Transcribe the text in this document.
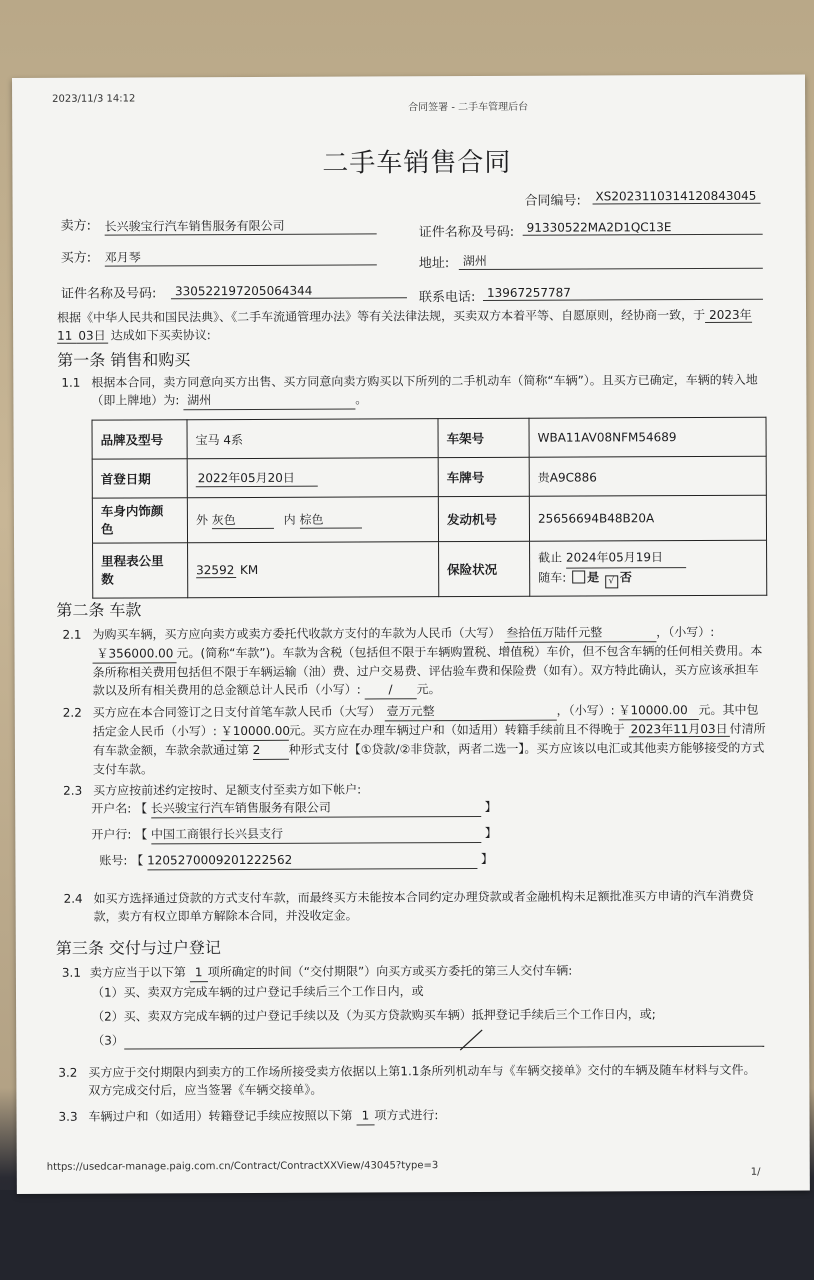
2023/11/3 14:12
合同签署 - 二手车管理后台
二手车销售合同
合同编号: XS2023110314120843045
卖方: 长兴骏宝行汽车销售服务有限公司	证件名称及号码:	91330522MA2D1QC13E
买方: 邓月琴	地址:	湖州
证件名称及号码:	330522197205064344	联系电话: 13967257787
根据《中华人民共和国民法典》、《二手车流通管理办法》等有关法律法规，买卖双方本着平等、自愿原则，经协商一致，于 2023年11 03日 达成如下买卖协议:
第一条 销售和购买
1.1 根据本合同，卖方同意向买方出售、买方同意向卖方购买以下所列的二手机动车（简称“车辆”）。且买方已确定，车辆的转入地
（即上牌地）为: 湖州	。
品牌及型号	宝马 4系	车架号	WBA11AV08NFM54689
首登日期	2022年05月20日	车牌号	贵A9C886
车身内饰颜
色	外 灰色 内 棕色	发动机号	25656694B48B20A
里程表公里
数	32592 KM	保险状况	截止 2024年05月19日
随车: 是 √ 否
第二条 车款
2.1 为购买车辆，买方应向卖方或卖方委托代收款方支付的车款为人民币（大写） 叁拾伍万陆仟元整	，（小写）: ￥356000.00 元。(简称“车款”)。车款为含税（包括但不限于车辆购置税、增值税）车价，但不包含车辆的任何相关费用。本条所称相关费用包括但不限于车辆运输（油）费、过户交易费、评估验车费和保险费（如有）。双方特此确认，买方应该承担车款以及所有相关费用的总金额总计人民币（小写）: / 元。
2.2 买方应在本合同签订之日支付首笔车款人民币（大写） 壹万元整	，（小写）: ￥10000.00 元。其中包括定金人民币（小写）: ￥10000.00元。买方应在办理车辆过户和（如适用）转籍手续前且不得晚于 2023年11月03日 付清所有车款金额，车款余款通过第 2 种形式支付【①贷款/②非贷款，两者二选一】。买方应该以电汇或其他卖方能够接受的方式支付车款。
2.3 买方应按前述约定按时、足额支付至卖方如下帐户:
开户名: 【 长兴骏宝行汽车销售服务有限公司	】
开户行: 【 中国工商银行长兴县支行	】
账号: 【 1205270009201222562	】
2.4 如买方选择通过贷款的方式支付车款，而最终买方未能按本合同约定办理贷款或者金融机构未足额批准买方申请的汽车消费贷款，卖方有权立即单方解除本合同，并没收定金。
第三条 交付与过户登记
3.1 卖方应当于以下第 1 项所确定的时间（“交付期限”）向买方或买方委托的第三人交付车辆:
（1）买、卖双方完成车辆的过户登记手续后三个工作日内，或
（2）买、卖双方完成车辆的过户登记手续以及（为买方贷款购买车辆）抵押登记手续后三个工作日内，或;
（3）
3.2 买方应于交付期限内到卖方的工作场所接受卖方依据以上第1.1条所列机动车与《车辆交接单》交付的车辆及随车材料与文件。双方完成交付后，应当签署《车辆交接单》。
3.3 车辆过户和（如适用）转籍登记手续应按照以下第 1 项方式进行:
https://usedcar-manage.paig.com.cn/Contract/ContractXXView/43045?type=3	1/
